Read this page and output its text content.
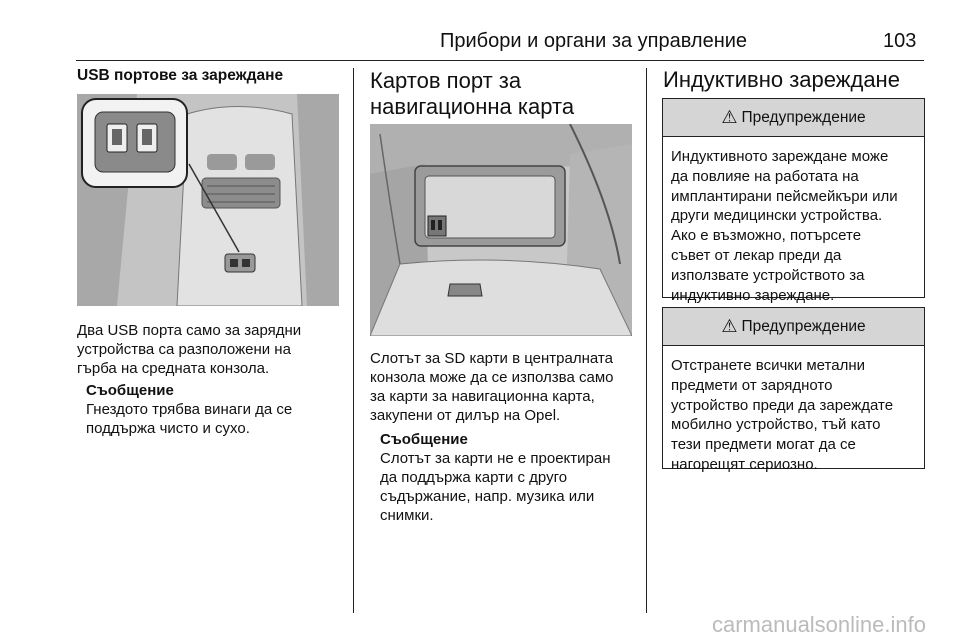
Прибори и органи за управление	103
USB портове за зареждане
Два USB порта само за зарядни
устройства са разположени на
гърба на средната конзола.
Съобщение
Гнездото трябва винаги да се
поддържа чисто и сухо.
Картов порт за
навигационна карта
Слотът за SD карти в централната
конзола може да се използва само
за карти за навигационна карта,
закупени от дилър на Opel.
Съобщение
Слотът за карти не е проектиран
да поддържа карти с друго
съдържание, напр. музика или
снимки.
Индуктивно зареждане
⚠ Предупреждение
Индуктивното зареждане може
да повлияе на работата на
имплантирани пейсмейкъри или
други медицински устройства.
Ако е възможно, потърсете
съвет от лекар преди да
използвате устройството за
индуктивно зареждане.
⚠ Предупреждение
Отстранете всички метални
предмети от зарядното
устройство преди да зареждате
мобилно устройство, тъй като
тези предмети могат да се
нагорещят сериозно.
carmanualsonline.info
